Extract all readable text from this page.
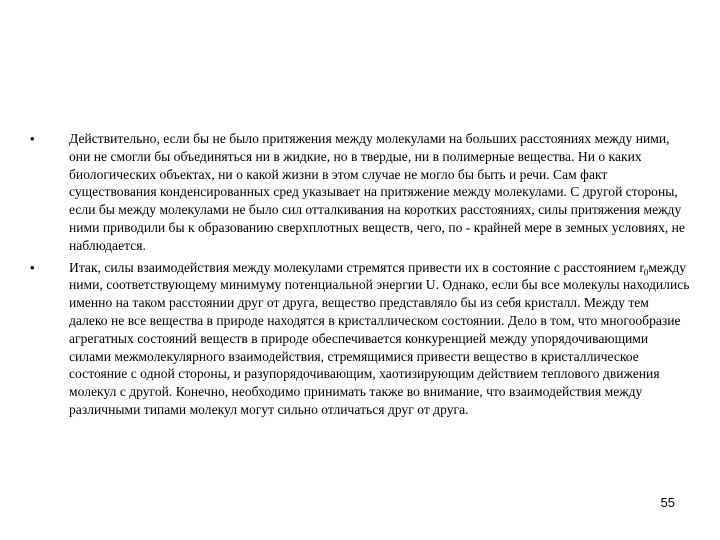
•	Действительно, если бы не было притяжения между молекулами на больших расстояниях между ними, они не смогли бы объединяться ни в жидкие, но в твердые, ни в полимерные вещества. Ни о каких биологических объектах, ни о какой жизни в этом случае не могло бы быть и речи. Сам факт существования конденсированных сред указывает на притяжение между молекулами. С другой стороны, если бы между молекулами не было сил отталкивания на коротких расстояниях, силы притяжения между ними приводили бы к образованию сверхплотных веществ, чего, по - крайней мере в земных условиях, не наблюдается.
•	Итак, силы взаимодействия между молекулами стремятся привести их в состояние с расстоянием $r_0между$ ними, соответствующему минимуму потенциальной энергии U. Однако, если бы все молекулы находились именно на таком расстоянии друг от друга, вещество представляло бы из себя кристалл. Между тем далеко не все вещества в природе находятся в кристаллическом состоянии. Дело в том, что многообразие агрегатных состояний веществ в природе обеспечивается конкуренцией между упорядочивающими силами межмолекулярного взаимодействия, стремящимися привести вещество в кристаллическое состояние с одной стороны, и разупорядочивающим, хаотизирующим действием теплового движения молекул с другой. Конечно, необходимо принимать также во внимание, что взаимодействия между различными типами молекул могут сильно отличаться друг от друга.
55
